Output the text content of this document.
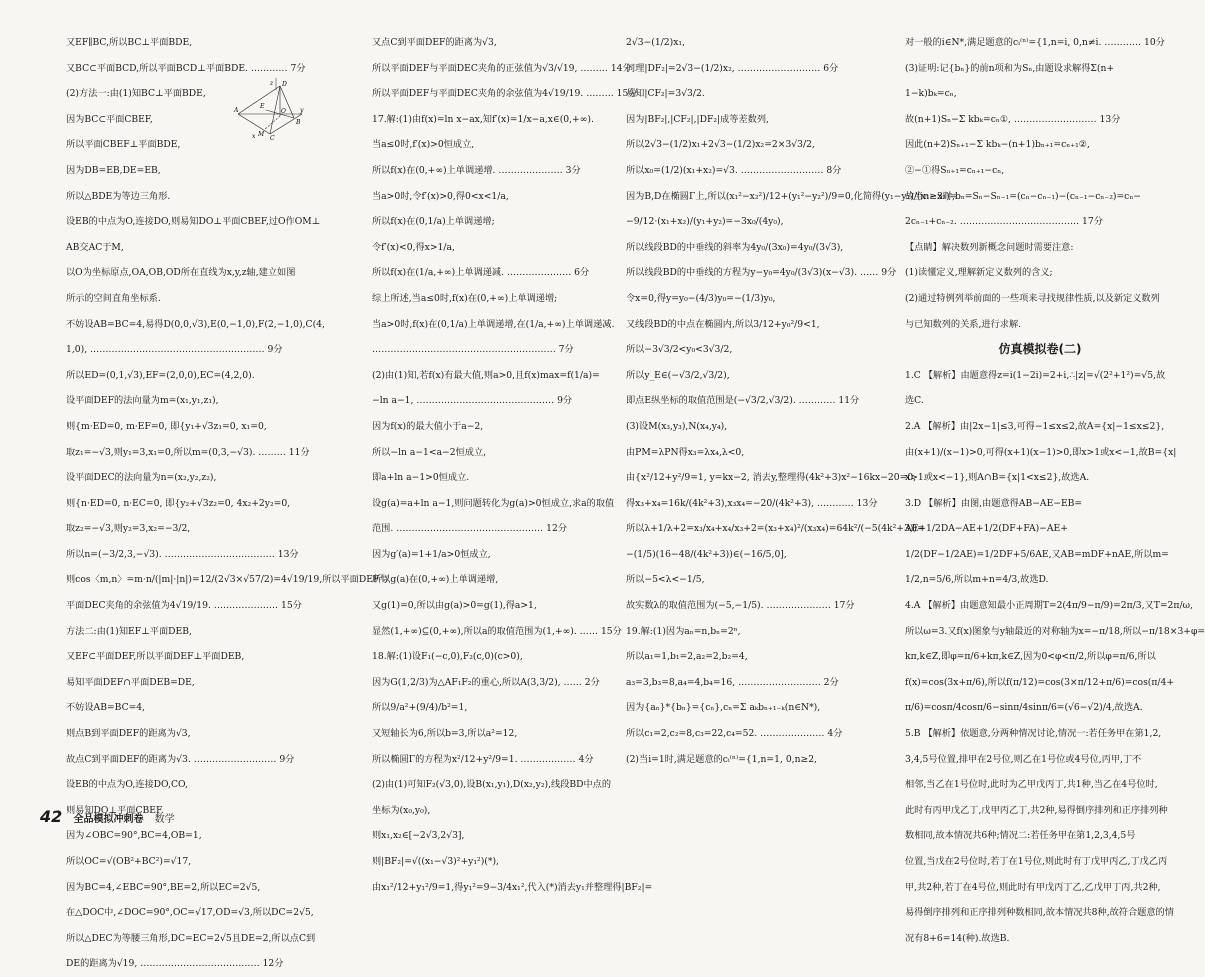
又EF∥BC,所以BC⊥平面BDE,
又BC⊂平面BCD,所以平面BCD⊥平面BDE. ………… 7分
(2)方法一:由(1)知BC⊥平面BDE,
因为BC⊂平面CBEF,
所以平面CBEF⊥平面BDE,
因为DB=EB,DE=EB,
所以△BDE为等边三角形.
设EB的中点为O,连接DO,则易知DO⊥平面CBEF,过O作OM⊥
AB交AC于M,
以O为坐标原点,OA,OB,OD所在直线为x,y,z轴,建立如图
所示的空间直角坐标系.
不妨设AB=BC=4,易得D(0,0,√3),E(0,−1,0),F(2,−1,0),C(4,
1,0), ………………………………………………… 9分
所以ED=(0,1,√3),EF=(2,0,0),EC=(4,2,0).
设平面DEF的法向量为m=(x₁,y₁,z₁),
则{m·ED=0, m·EF=0, 即{y₁+√3z₁=0, x₁=0,
取z₁=−√3,则y₁=3,x₁=0,所以m=(0,3,−√3). ……… 11分
设平面DEC的法向量为n=(x₂,y₂,z₂),
则{n·ED=0, n·EC=0, 即{y₂+√3z₂=0, 4x₂+2y₂=0,
取z₂=−√3,则y₂=3,x₂=−3/2,
所以n=(−3/2,3,−√3). ……………………………… 13分
则cos〈m,n〉=m·n/(|m|·|n|)=12/(2√3×√57/2)=4√19/19,所以平面DEF与
平面DEC夹角的余弦值为4√19/19. ………………… 15分
方法二:由(1)知EF⊥平面DEB,
又EF⊂平面DEF,所以平面DEF⊥平面DEB,
易知平面DEF∩平面DEB=DE,
不妨设AB=BC=4,
则点B到平面DEF的距离为√3,
故点C到平面DEF的距离为√3. ……………………… 9分
设EB的中点为O,连接DO,CO,
则易知DO⊥平面CBEF.
因为∠OBC=90°,BC=4,OB=1,
所以OC=√(OB²+BC²)=√17,
因为BC=4,∠EBC=90°,BE=2,所以EC=2√5,
在△DOC中,∠DOC=90°,OC=√17,OD=√3,所以DC=2√5,
所以△DEC为等腰三角形,DC=EC=2√5且DE=2,所以点C到
DE的距离为√19, ………………………………… 12分
z D
E
O
A
M
C
B
x
y
又点C到平面DEF的距离为√3,
所以平面DEF与平面DEC夹角的正弦值为√3/√19, ……… 14分
所以平面DEF与平面DEC夹角的余弦值为4√19/19. ……… 15分
17.解:(1)由f(x)=ln x−ax,知f′(x)=1/x−a,x∈(0,+∞).
当a≤0时,f′(x)>0恒成立,
所以f(x)在(0,+∞)上单调递增. ………………… 3分
当a>0时,令f′(x)>0,得0<x<1/a,
所以f(x)在(0,1/a)上单调递增;
令f′(x)<0,得x>1/a,
所以f(x)在(1/a,+∞)上单调递减. ………………… 6分
综上所述,当a≤0时,f(x)在(0,+∞)上单调递增;
当a>0时,f(x)在(0,1/a)上单调递增,在(1/a,+∞)上单调递减.
…………………………………………………… 7分
(2)由(1)知,若f(x)有最大值,则a>0,且f(x)max=f(1/a)=
−ln a−1, ……………………………………… 9分
因为f(x)的最大值小于a−2,
所以−ln a−1<a−2恒成立,
即a+ln a−1>0恒成立.
设g(a)=a+ln a−1,则问题转化为g(a)>0恒成立,求a的取值
范围. ………………………………………… 12分
因为g′(a)=1+1/a>0恒成立,
所以g(a)在(0,+∞)上单调递增,
又g(1)=0,所以由g(a)>0=g(1),得a>1,
显然(1,+∞)⊆(0,+∞),所以a的取值范围为(1,+∞). …… 15分
18.解:(1)设F₁(−c,0),F₂(c,0)(c>0),
因为G(1,2/3)为△AF₁F₂的重心,所以A(3,3/2), …… 2分
所以9/a²+(9/4)/b²=1,
又短轴长为6,所以b=3,所以a²=12,
所以椭圆Γ的方程为x²/12+y²/9=1. ……………… 4分
(2)由(1)可知F₂(√3,0),设B(x₁,y₁),D(x₂,y₂),线段BD中点的
坐标为(x₀,y₀),
则x₁,x₂∈[−2√3,2√3],
则|BF₂|=√((x₁−√3)²+y₁²)(*),
由x₁²/12+y₁²/9=1,得y₁²=9−3/4x₁²,代入(*)消去y₁并整理得|BF₂|=
2√3−(1/2)x₁,
同理|DF₂|=2√3−(1/2)x₂, ……………………… 6分
易知|CF₂|=3√3/2.
因为|BF₂|,|CF₂|,|DF₂|成等差数列,
所以2√3−(1/2)x₁+2√3−(1/2)x₂=2×3√3/2,
所以x₀=(1/2)(x₁+x₂)=√3. ……………………… 8分
因为B,D在椭圆Γ上,所以(x₁²−x₂²)/12+(y₁²−y₂²)/9=0,化简得(y₁−y₂)/(x₁−x₂)=
−9/12·(x₁+x₂)/(y₁+y₂)=−3x₀/(4y₀),
所以线段BD的中垂线的斜率为4y₀/(3x₀)=4y₀/(3√3),
所以线段BD的中垂线的方程为y−y₀=4y₀/(3√3)(x−√3). …… 9分
令x=0,得y=y₀−(4/3)y₀=−(1/3)y₀,
又线段BD的中点在椭圆内,所以3/12+y₀²/9<1,
所以−3√3/2<y₀<3√3/2,
所以y_E∈(−√3/2,√3/2),
即点E纵坐标的取值范围是(−√3/2,√3/2). ………… 11分
(3)设M(x₃,y₃),N(x₄,y₄),
由PM=λPN得x₃=λx₄,λ<0,
由{x²/12+y²/9=1, y=kx−2, 消去y,整理得(4k²+3)x²−16kx−20=0,
得x₃+x₄=16k/(4k²+3),x₃x₄=−20/(4k²+3), ………… 13分
所以λ+1/λ+2=x₃/x₄+x₄/x₃+2=(x₃+x₄)²/(x₃x₄)=64k²/(−5(4k²+3))=
−(1/5)(16−48/(4k²+3))∈(−16/5,0],
所以−5<λ<−1/5,
故实数λ的取值范围为(−5,−1/5). ………………… 17分
19.解:(1)因为aₙ=n,bₙ=2ⁿ,
所以a₁=1,b₁=2,a₂=2,b₂=4,
a₃=3,b₃=8,a₄=4,b₄=16, ……………………… 2分
因为{aₙ}*{bₙ}={cₙ},cₙ=Σ aₖbₙ₊₁₋ₖ(n∈N*),
所以c₁=2,c₂=8,c₃=22,c₄=52. ………………… 4分
(2)当i=1时,满足题意的cᵢ⁽ⁿ⁾={1,n=1, 0,n≥2,
对一般的i∈N*,满足题意的cᵢ⁽ⁿ⁾={1,n=i, 0,n≠i. ………… 10分
(3)证明:记{bₙ}的前n项和为Sₙ,由题设求解得Σ(n+
1−k)bₖ=cₙ,
故(n+1)Sₙ−Σ kbₖ=cₙ①, ……………………… 13分
因此(n+2)Sₙ₊₁−Σ kbₖ−(n+1)bₙ₊₁=cₙ₊₁②,
②−①得Sₙ₊₁=cₙ₊₁−cₙ,
故当n≥3时,bₙ=Sₙ−Sₙ₋₁=(cₙ−cₙ₋₁)−(cₙ₋₁−cₙ₋₂)=cₙ−
2cₙ₋₁+cₙ₋₂. ………………………………… 17分
【点睛】解决数列新概念问题时需要注意:
(1)读懂定义,理解新定义数列的含义;
(2)通过特例列举前面的一些项来寻找规律性质,以及新定义数列
与已知数列的关系,进行求解.
仿真模拟卷(二)
1.C 【解析】由题意得z=i(1−2i)=2+i,∴|z|=√(2²+1²)=√5,故
选C.
2.A 【解析】由|2x−1|≤3,可得−1≤x≤2,故A={x|−1≤x≤2},
由(x+1)/(x−1)>0,可得(x+1)(x−1)>0,即x>1或x<−1,故B={x|
x>1或x<−1},则A∩B={x|1<x≤2},故选A.
3.D 【解析】由图,由题意得AB−AE−EB=
AE+1/2DA−AE+1/2(DF+FA)−AE+
1/2(DF−1/2AE)=1/2DF+5/6AE,又AB=mDF+nAE,所以m=
1/2,n=5/6,所以m+n=4/3,故选D.
4.A 【解析】由题意知最小正周期T=2(4π/9−π/9)=2π/3,又T=2π/ω,
所以ω=3.又f(x)图象与y轴最近的对称轴为x=−π/18,所以−π/18×3+φ=
kπ,k∈Z,即φ=π/6+kπ,k∈Z,因为0<φ<π/2,所以φ=π/6,所以
f(x)=cos(3x+π/6),所以f(π/12)=cos(3×π/12+π/6)=cos(π/4+
π/6)=cosπ/4cosπ/6−sinπ/4sinπ/6=(√6−√2)/4,故选A.
5.B 【解析】依题意,分两种情况讨论,情况一:若任务甲在第1,2,
3,4,5号位置,排甲在2号位,则乙在1号位或4号位,丙甲,丁不
相邻,当乙在1号位时,此时为乙甲戊丙丁,共1种,当乙在4号位时,
此时有丙甲戊乙丁,戊甲丙乙丁,共2种,易得倒序排列和正序排列种
数相同,故本情况共6种;情况二:若任务甲在第1,2,3,4,5号
位置,当戊在2号位时,若丁在1号位,则此时有丁戊甲丙乙,丁戊乙丙
甲,共2种,若丁在4号位,则此时有甲戊丙丁乙,乙戊甲丁丙,共2种,
易得倒序排列和正序排列种数相同,故本情况共8种,故符合题意的情
况有8+6=14(种).故选B.
42 全品模拟冲刺卷 数学
